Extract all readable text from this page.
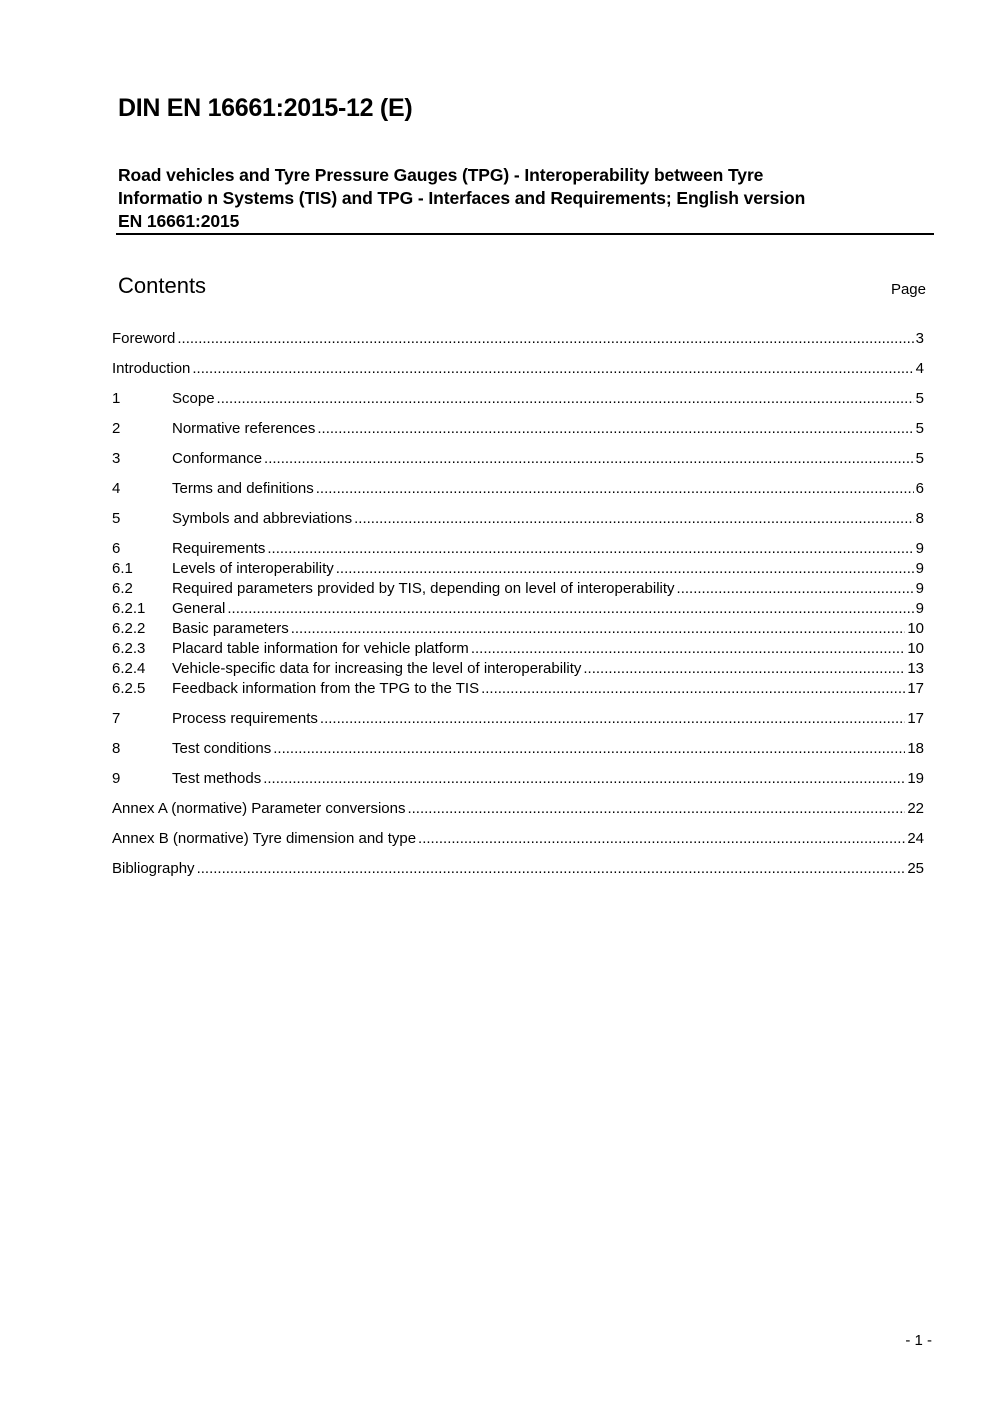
DIN EN 16661:2015-12 (E)
Road vehicles and Tyre Pressure Gauges (TPG) - Interoperability between Tyre
Informatio n Systems (TIS) and TPG - Interfaces and Requirements; English version
EN 16661:2015
Contents	Page
Foreword .....	3
Introduction .....	4
1	Scope .....	5
2	Normative references .....	5
3	Conformance .....	5
4	Terms and definitions .....	6
5	Symbols and abbreviations .....	8
6	Requirements .....	9
6.1	Levels of interoperability .....	9
6.2	Required parameters provided by TIS, depending on level of interoperability .....	9
6.2.1	General .....	9
6.2.2	Basic parameters .....	10
6.2.3	Placard table information for vehicle platform .....	10
6.2.4	Vehicle-specific data for increasing the level of interoperability .....	13
6.2.5	Feedback information from the TPG to the TIS .....	17
7	Process requirements .....	17
8	Test conditions .....	18
9	Test methods .....	19
Annex A (normative) Parameter conversions .....	22
Annex B (normative) Tyre dimension and type .....	24
Bibliography .....	25
- 1 -
